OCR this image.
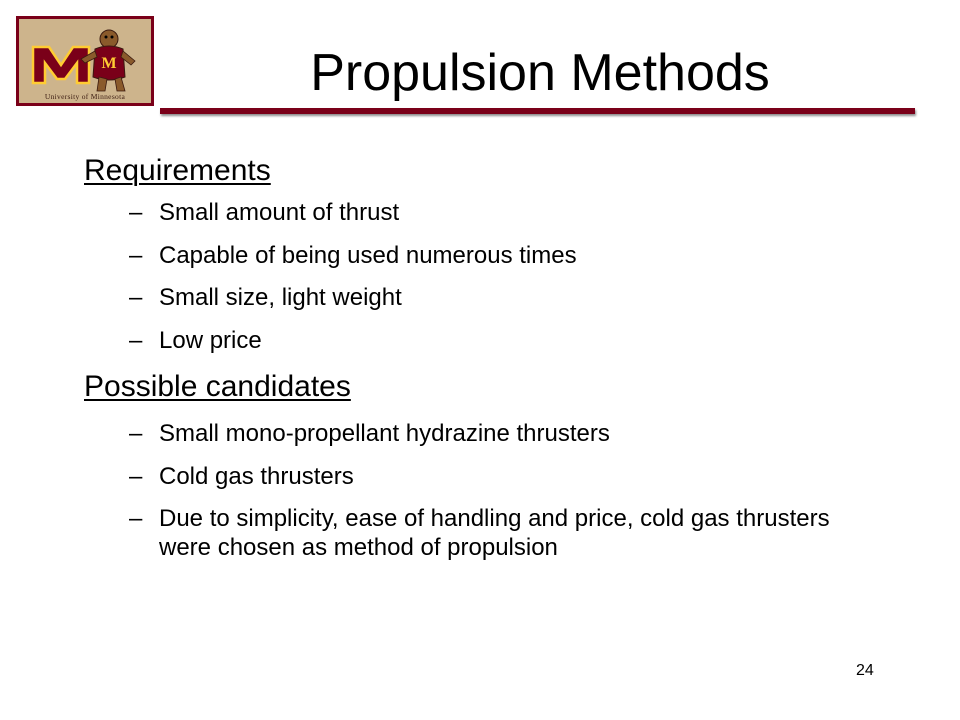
M
University of Minnesota	Propulsion Methods
Requirements
– Small amount of thrust
– Capable of being used numerous times
– Small size, light weight
– Low price
Possible candidates
– Small mono-propellant hydrazine thrusters
– Cold gas thrusters
– Due to simplicity, ease of handling and price, cold gas thrusters were chosen as method of propulsion
24
